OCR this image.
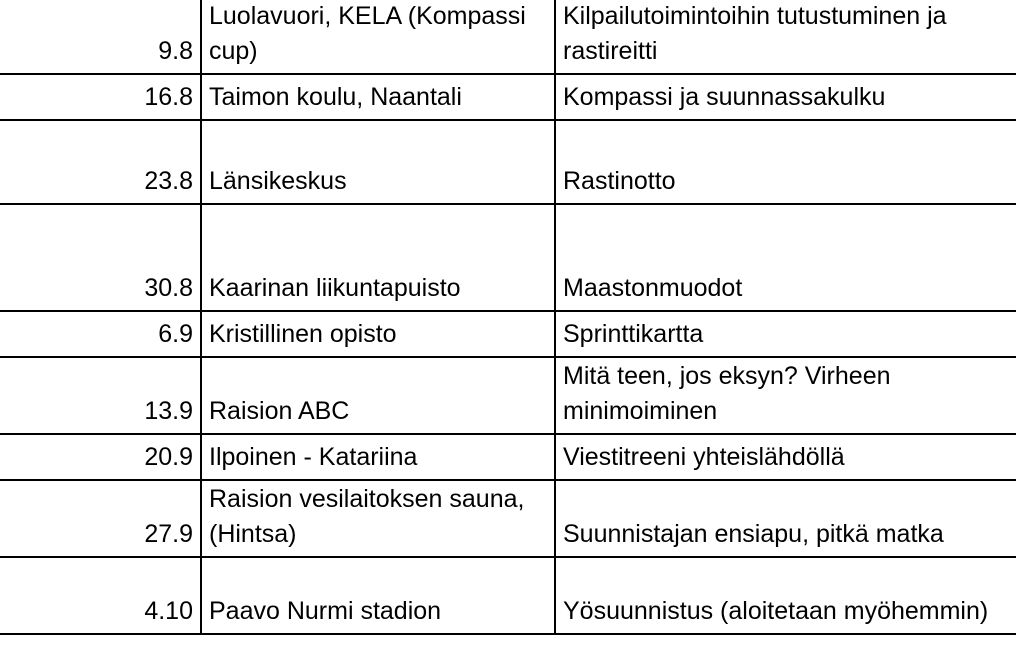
9.8	Luolavuori, KELA (Kompassi cup)	Kilpailutoimintoihin tutustuminen ja rastireitti
16.8	Taimon koulu, Naantali	Kompassi ja suunnassakulku
23.8	Länsikeskus	Rastinotto
30.8	Kaarinan liikuntapuisto	Maastonmuodot
6.9	Kristillinen opisto	Sprinttikartta
13.9	Raision ABC	Mitä teen, jos eksyn? Virheen minimoiminen
20.9	Ilpoinen - Katariina	Viestitreeni yhteislähdöllä
27.9	Raision vesilaitoksen sauna, (Hintsa)	Suunnistajan ensiapu, pitkä matka
4.10	Paavo Nurmi stadion	Yösuunnistus (aloitetaan myöhemmin)
